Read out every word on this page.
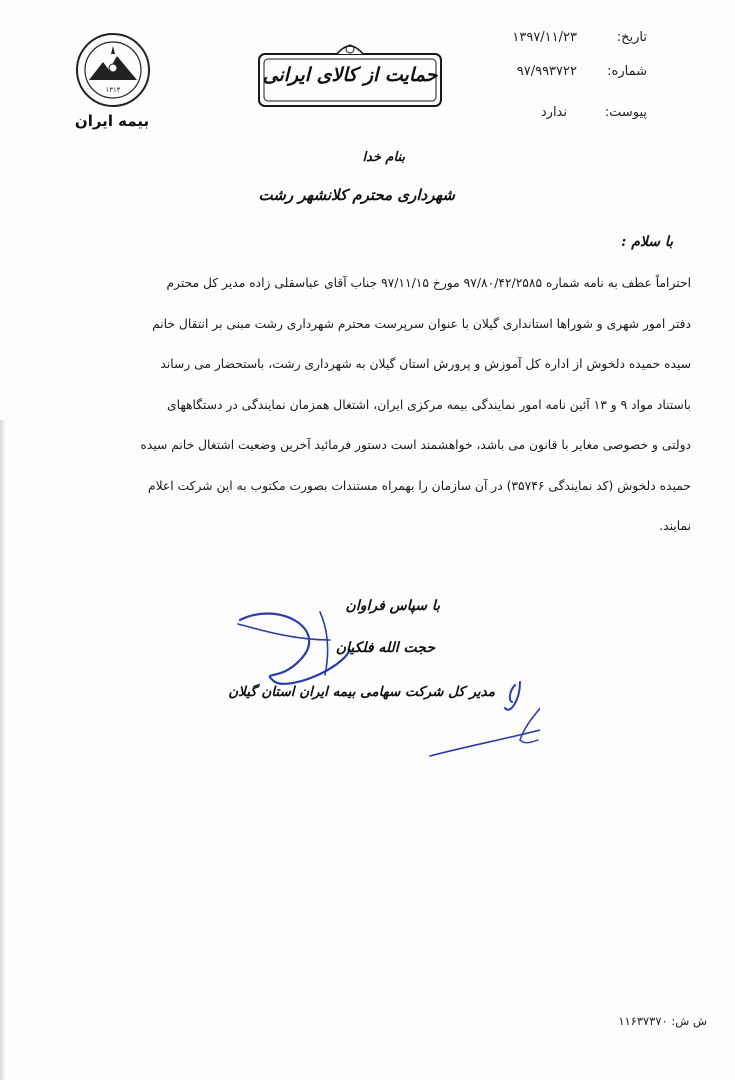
تاریخ:
۱۳۹۷/۱۱/۲۳
شماره:
۹۷/۹۹۳۷۲۲
پیوست:
ندارد
۱۳۱۴
بیمه ایران
حمایت از کالای ایرانی
بنام خدا
شهرداری محترم کلانشهر رشت
با سلام :

احتراماً عطف به نامه شماره ۹۷/۸۰/۴۲/۲۵۸۵ مورخ ۹۷/۱۱/۱۵ جناب آقای عباسقلی زاده مدیر کل محترم

دفتر امور شهری و شوراها استانداری گیلان با عنوان سرپرست محترم شهرداری رشت مبنی بر انتقال خانم

سیده حمیده دلخوش از اداره کل آموزش و پرورش استان گیلان به شهرداری رشت، باستحضار می رساند

باستناد مواد ۹ و ۱۳ آئین نامه امور نمایندگی بیمه مرکزی ایران، اشتغال همزمان نمایندگی در دستگاههای

دولتی و خصوصی مغایر با قانون می باشد، خواهشمند است دستور فرمائید آخرین وضعیت اشتغال خانم سیده

حمیده دلخوش (کد نمایندگی ۳۵۷۴۶) در آن سازمان را بهمراه مستندات بصورت مکتوب به این شرکت اعلام

نمایند.

با سپاس فراوان
حجت الله فلکیان
مدیر کل شرکت سهامی بیمه ایران استان گیلان
ش ش: ۱۱۶۳۷۳۷۰
